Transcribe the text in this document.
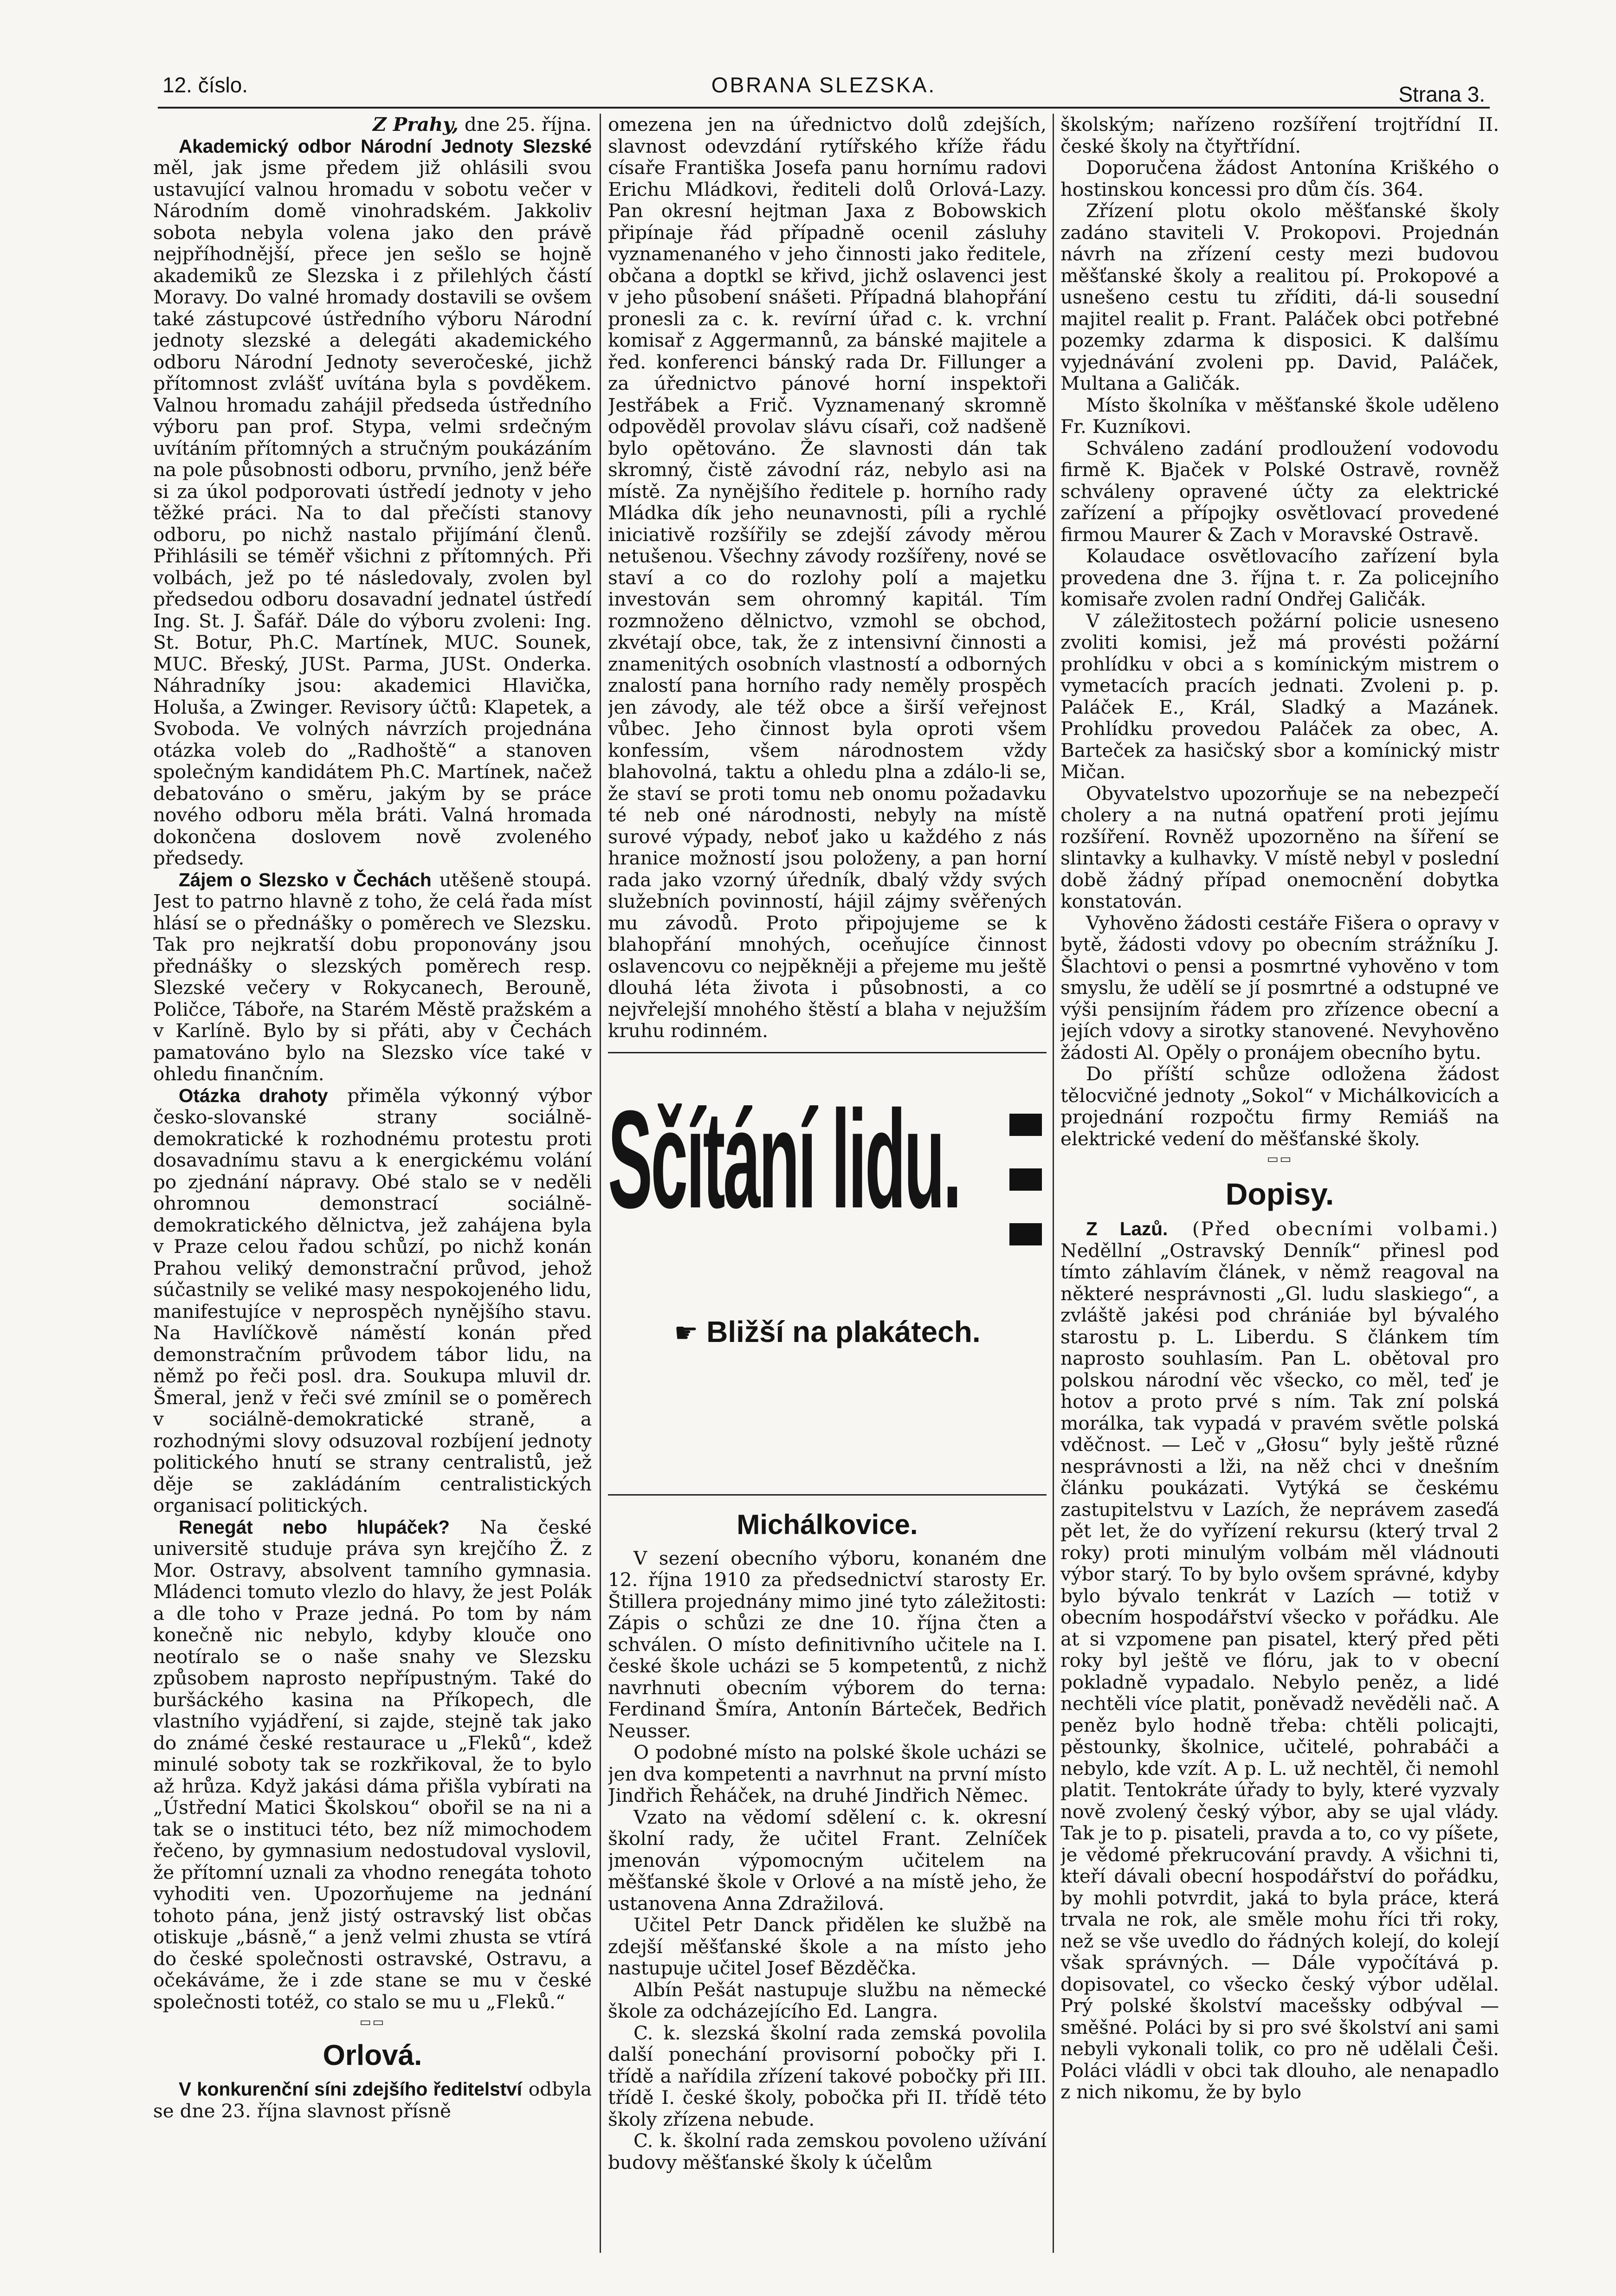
12. číslo.	OBRANA SLEZSKA.	Strana 3.

Z Prahy, dne 25. října.

Akademický odbor Národní Jednoty Slezské měl, jak jsme předem již ohlásili svou ustavující valnou hromadu v sobotu večer v Národním domě vinohradském. Jakkoliv sobota nebyla volena jako den právě nejpříhodnější, přece jen sešlo se hojně akademiků ze Slezska i z přilehlých částí Moravy. Do valné hromady dostavili se ovšem také zástupcové ústředního výboru Národní jednoty slezské a delegáti akademického odboru Národní Jednoty severočeské, jichž přítomnost zvlášť uvítána byla s povděkem. Valnou hromadu zahájil předseda ústředního výboru pan prof. Stypa, velmi srdečným uvítáním přítomných a stručným poukázáním na pole působnosti odboru, prvního, jenž béře si za úkol podporovati ústředí jednoty v jeho těžké práci. Na to dal přečísti stanovy odboru, po nichž nastalo přijímání členů. Přihlásili se téměř všichni z přítomných. Při volbách, jež po té následovaly, zvolen byl předsedou odboru dosavadní jednatel ústředí Ing. St. J. Šafář. Dále do výboru zvoleni: Ing. St. Botur, Ph.C. Martínek, MUC. Sounek, MUC. Břeský, JUSt. Parma, JUSt. Onderka. Náhradníky jsou: akademici Hlavička, Holuša, a Zwinger. Revisory účtů: Klapetek, a Svoboda. Ve volných návrzích projednána otázka voleb do „Radhoště“ a stanoven společným kandidátem Ph.C. Martínek, načež debatováno o směru, jakým by se práce nového odboru měla bráti. Valná hromada dokončena doslovem nově zvoleného předsedy.

Zájem o Slezsko v Čechách utěšeně stoupá. Jest to patrno hlavně z toho, že celá řada míst hlásí se o přednášky o poměrech ve Slezsku. Tak pro nejkratší dobu proponovány jsou přednášky o slezských poměrech resp. Slezské večery v Rokycanech, Berouně, Poličce, Táboře, na Starém Městě pražském a v Karlíně. Bylo by si přáti, aby v Čechách pamatováno bylo na Slezsko více také v ohledu finančním.

Otázka drahoty přiměla výkonný výbor česko-slovanské strany sociálně-demokratické k rozhodnému protestu proti dosavadnímu stavu a k energickému volání po zjednání nápravy. Obé stalo se v neděli ohromnou demonstrací sociálně-demokratického dělnictva, jež zahájena byla v Praze celou řadou schůzí, po nichž konán Prahou veliký demonstrační průvod, jehož súčastnily se veliké masy nespokojeného lidu, manifestujíce v neprospěch nynějšího stavu. Na Havlíčkově náměstí konán před demonstračním průvodem tábor lidu, na němž po řeči posl. dra. Soukupa mluvil dr. Šmeral, jenž v řeči své zmínil se o poměrech v sociálně-demokratické straně, a rozhodnými slovy odsuzoval rozbíjení jednoty politického hnutí se strany centralistů, jež děje se zakládáním centralistických organisací politických.

Renegát nebo hlupáček? Na české universitě studuje práva syn krejčího Ž. z Mor. Ostravy, absolvent tamního gymnasia. Mládenci tomuto vlezlo do hlavy, že jest Polák a dle toho v Praze jedná. Po tom by nám konečně nic nebylo, kdyby klouče ono neotíralo se o naše snahy ve Slezsku způsobem naprosto nepřípustným. Také do buršáckého kasina na Příkopech, dle vlastního vyjádření, si zajde, stejně tak jako do známé české restaurace u „Fleků“, kdež minulé soboty tak se rozkřikoval, že to bylo až hrůza. Když jakási dáma přišla vybírati na „Ústřední Matici Školskou“ obořil se na ni a tak se o instituci této, bez níž mimochodem řečeno, by gymnasium nedostudoval vyslovil, že přítomní uznali za vhodno renegáta tohoto vyhoditi ven. Upozorňujeme na jednání tohoto pána, jenž jistý ostravský list občas otiskuje „básně,“ a jenž velmi zhusta se vtírá do české společnosti ostravské, Ostravu, a očekáváme, že i zde stane se mu v české společnosti totéž, co stalo se mu u „Fleků.“

▭▭
Orlová.

V konkurenční síni zdejšího ředitelství odbyla se dne 23. října slavnost přísně

omezena jen na úřednictvo dolů zdejších, slavnost odevzdání rytířského kříže řádu císaře Františka Josefa panu hornímu radovi Erichu Mládkovi, řediteli dolů Orlová-Lazy. Pan okresní hejtman Jaxa z Bobowskich připínaje řád případně ocenil zásluhy vyznamenaného v jeho činnosti jako ředitele, občana a doptkl se křivd, jichž oslavenci jest v jeho působení snášeti. Případná blahopřání pronesli za c. k. revírní úřad c. k. vrchní komisař z Aggermannů, za bánské majitele a řed. konferenci bánský rada Dr. Fillunger a za úřednictvo pánové horní inspektoři Jestřábek a Frič. Vyznamenaný skromně odpověděl provolav slávu císaři, což nadšeně bylo opětováno. Že slavnosti dán tak skromný, čistě závodní ráz, nebylo asi na místě. Za nynějšího ředitele p. horního rady Mládka dík jeho neunavnosti, píli a rychlé iniciativě rozšířily se zdejší závody měrou netušenou. Všechny závody rozšířeny, nové se staví a co do rozlohy polí a majetku investován sem ohromný kapitál. Tím rozmnoženo dělnictvo, vzmohl se obchod, zkvétají obce, tak, že z intensivní činnosti a znamenitých osobních vlastností a odborných znalostí pana horního rady neměly prospěch jen závody, ale též obce a širší veřejnost vůbec. Jeho činnost byla oproti všem konfessím, všem národnostem vždy blahovolná, taktu a ohledu plna a zdálo-li se, že staví se proti tomu neb onomu požadavku té neb oné národnosti, nebyly na místě surové výpady, neboť jako u každého z nás hranice možností jsou položeny, a pan horní rada jako vzorný úředník, dbalý vždy svých služebních povinností, hájil zájmy svěřených mu závodů. Proto připojujeme se k blahopřání mnohých, oceňujíce činnost oslavencovu co nejpěkněji a přejeme mu ještě dlouhá léta života i působnosti, a co nejvřelejší mnohého štěstí a blaha v nejužším kruhu rodinném.

Sčítání lidu.
☛ Bližší na plakátech.
Michálkovice.

V sezení obecního výboru, konaném dne 12. října 1910 za předsednictví starosty Er. Štillera projednány mimo jiné tyto záležitosti: Zápis o schůzi ze dne 10. října čten a schválen. O místo definitivního učitele na I. české škole ucházi se 5 kompetentů, z nichž navrhnuti obecním výborem do terna: Ferdinand Šmíra, Antonín Bárteček, Bedřich Neusser.

O podobné místo na polské škole ucházi se jen dva kompetenti a navrhnut na první místo Jindřich Řeháček, na druhé Jindřich Němec.

Vzato na vědomí sdělení c. k. okresní školní rady, že učitel Frant. Zelníček jmenován výpomocným učitelem na měšťanské škole v Orlové a na místě jeho, že ustanovena Anna Zdražilová.

Učitel Petr Danck přidělen ke službě na zdejší měšťanské škole a na místo jeho nastupuje učitel Josef Bězděčka.

Albín Pešát nastupuje službu na německé škole za odcházejícího Ed. Langra.

C. k. slezská školní rada zemská povolila další ponechání provisorní pobočky při I. třídě a nařídila zřízení takové pobočky při III. třídě I. české školy, pobočka při II. třídě této školy zřízena nebude.

C. k. školní rada zemskou povoleno užívání budovy měšťanské školy k účelům

školským; nařízeno rozšíření trojtřídní II. české školy na čtyřtřídní.

Doporučena žádost Antonína Kriškého o hostinskou koncessi pro dům čís. 364.

Zřízení plotu okolo měšťanské školy zadáno staviteli V. Prokopovi. Projednán návrh na zřízení cesty mezi budovou měšťanské školy a realitou pí. Prokopové a usnešeno cestu tu zříditi, dá-li sousední majitel realit p. Frant. Paláček obci potřebné pozemky zdarma k disposici. K dalšímu vyjednávání zvoleni pp. David, Paláček, Multana a Galičák.

Místo školníka v měšťanské škole uděleno Fr. Kuzníkovi.

Schváleno zadání prodloužení vodovodu firmě K. Bjaček v Polské Ostravě, rovněž schváleny opravené účty za elektrické zařízení a přípojky osvětlovací provedené firmou Maurer & Zach v Moravské Ostravě.

Kolaudace osvětlovacího zařízení byla provedena dne 3. října t. r. Za policejního komisaře zvolen radní Ondřej Galičák.

V záležitostech požární policie usneseno zvoliti komisi, jež má provésti požární prohlídku v obci a s komínickým mistrem o vymetacích pracích jednati. Zvoleni p. p. Paláček E., Král, Sladký a Mazánek. Prohlídku provedou Paláček za obec, A. Barteček za hasičský sbor a komínický mistr Mičan.

Obyvatelstvo upozorňuje se na nebezpečí cholery a na nutná opatření proti jejímu rozšíření. Rovněž upozorněno na šíření se slintavky a kulhavky. V místě nebyl v poslední době žádný případ onemocnění dobytka konstatován.

Vyhověno žádosti cestáře Fišera o opravy v bytě, žádosti vdovy po obecním strážníku J. Šlachtovi o pensi a posmrtné vyhověno v tom smyslu, že udělí se jí posmrtné a odstupné ve výši pensijním řádem pro zřízence obecní a jejích vdovy a sirotky stanovené. Nevyhověno žádosti Al. Opěly o pronájem obecního bytu.

Do příští schůze odložena žádost tělocvičné jednoty „Sokol“ v Michálkovicích a projednání rozpočtu firmy Remiáš na elektrické vedení do měšťanské školy.

▭▭
Dopisy.

Z Lazů. (Před obecními volbami.) Neděllní „Ostravský Denník“ přinesl pod tímto záhlavím článek, v němž reagoval na některé nesprávnosti „Gl. ludu slaskiego“, a zvláště jakési pod chrániáe byl bývalého starostu p. L. Liberdu. S článkem tím naprosto souhlasím. Pan L. obětoval pro polskou národní věc všecko, co měl, teď je hotov a proto prvé s ním. Tak zní polská morálka, tak vypadá v pravém světle polská vděčnost. — Leč v „Głosu“ byly ještě různé nesprávnosti a lži, na něž chci v dnešním článku poukázati. Vytýká se českému zastupitelstvu v Lazích, že neprávem zaseďá pět let, že do vyřízení rekursu (který trval 2 roky) proti minulým volbám měl vládnouti výbor starý. To by bylo ovšem správné, kdyby bylo bývalo tenkrát v Lazích — totiž v obecním hospodářství všecko v pořádku. Ale at si vzpomene pan pisatel, který před pěti roky byl ještě ve flóru, jak to v obecní pokladně vypadalo. Nebylo peněz, a lidé nechtěli více platit, poněvadž nevěděli nač. A peněz bylo hodně třeba: chtěli policajti, pěstounky, školnice, učitelé, pohrabáči a nebylo, kde vzít. A p. L. už nechtěl, či nemohl platit. Tentokráte úřady to byly, které vyzvaly nově zvolený český výbor, aby se ujal vlády. Tak je to p. pisateli, pravda a to, co vy píšete, je vědomé překrucování pravdy. A všichni ti, kteří dávali obecní hospodářství do pořádku, by mohli potvrdit, jaká to byla práce, která trvala ne rok, ale směle mohu říci tři roky, než se vše uvedlo do řádných kolejí, do kolejí však správných. — Dále vypočítává p. dopisovatel, co všecko český výbor udělal. Prý polské školství macešsky odbýval — směšné. Poláci by si pro své školství ani sami nebyli vykonali tolik, co pro ně udělali Češi. Poláci vládli v obci tak dlouho, ale nenapadlo z nich nikomu, že by bylo
